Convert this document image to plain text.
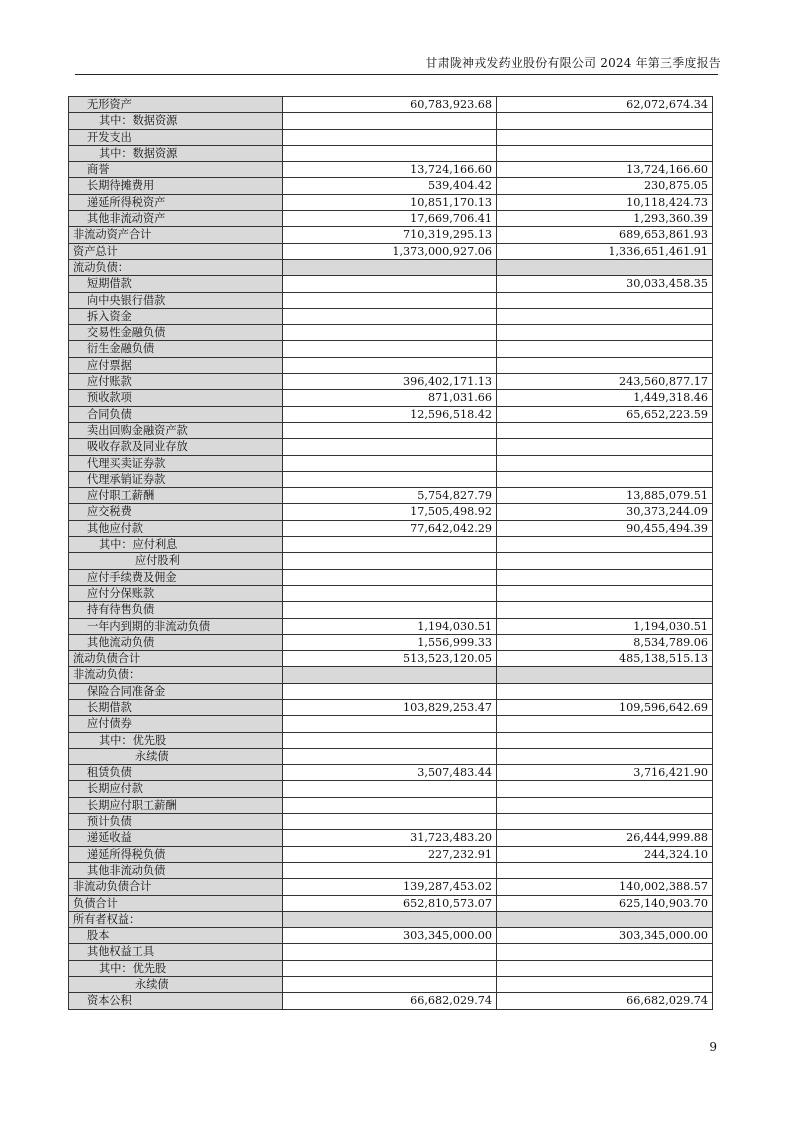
甘肃陇神戎发药业股份有限公司 2024 年第三季度报告
无形资产	60,783,923.68	62,072,674.34
其中：数据资源		
开发支出		
其中：数据资源		
商誉	13,724,166.60	13,724,166.60
长期待摊费用	539,404.42	230,875.05
递延所得税资产	10,851,170.13	10,118,424.73
其他非流动资产	17,669,706.41	1,293,360.39
非流动资产合计	710,319,295.13	689,653,861.93
资产总计	1,373,000,927.06	1,336,651,461.91
流动负债：		
短期借款		30,033,458.35
向中央银行借款		
拆入资金		
交易性金融负债		
衍生金融负债		
应付票据		
应付账款	396,402,171.13	243,560,877.17
预收款项	871,031.66	1,449,318.46
合同负债	12,596,518.42	65,652,223.59
卖出回购金融资产款		
吸收存款及同业存放		
代理买卖证券款		
代理承销证券款		
应付职工薪酬	5,754,827.79	13,885,079.51
应交税费	17,505,498.92	30,373,244.09
其他应付款	77,642,042.29	90,455,494.39
其中：应付利息		
应付股利		
应付手续费及佣金		
应付分保账款		
持有待售负债		
一年内到期的非流动负债	1,194,030.51	1,194,030.51
其他流动负债	1,556,999.33	8,534,789.06
流动负债合计	513,523,120.05	485,138,515.13
非流动负债：		
保险合同准备金		
长期借款	103,829,253.47	109,596,642.69
应付债券		
其中：优先股		
永续债		
租赁负债	3,507,483.44	3,716,421.90
长期应付款		
长期应付职工薪酬		
预计负债		
递延收益	31,723,483.20	26,444,999.88
递延所得税负债	227,232.91	244,324.10
其他非流动负债		
非流动负债合计	139,287,453.02	140,002,388.57
负债合计	652,810,573.07	625,140,903.70
所有者权益：		
股本	303,345,000.00	303,345,000.00
其他权益工具		
其中：优先股		
永续债		
资本公积	66,682,029.74	66,682,029.74
9
